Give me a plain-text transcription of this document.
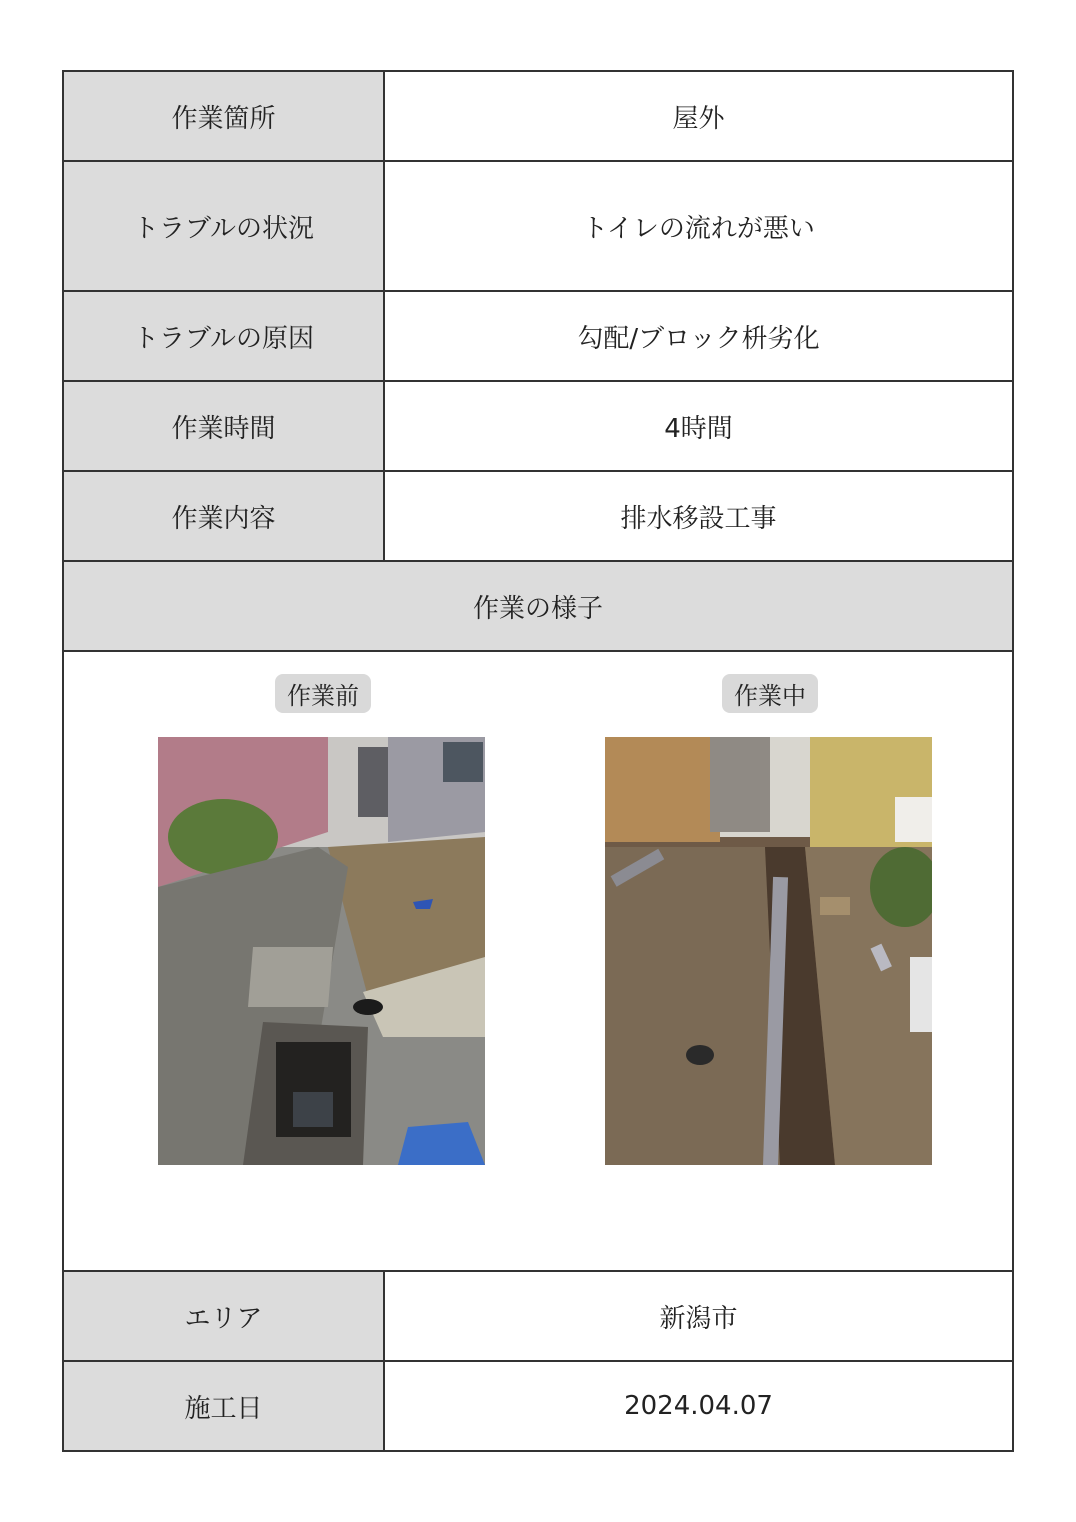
作業箇所	屋外
トラブルの状況	トイレの流れが悪い
トラブルの原因	勾配/ブロック枡劣化
作業時間	4時間
作業内容	排水移設工事
作業の様子
作業前	作業中
エリア	新潟市
施工日	2024.04.07
